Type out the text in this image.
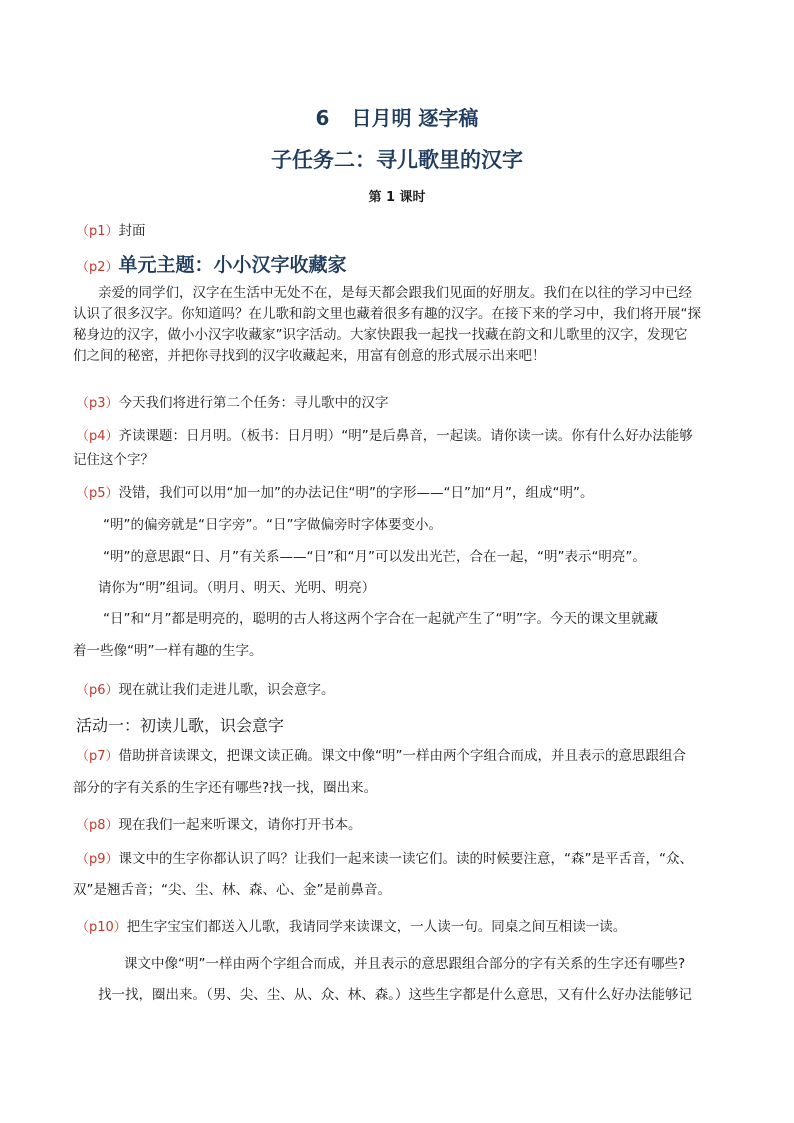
6 日月明 逐字稿
子任务二：寻儿歌里的汉字
第 1 课时
（p1）封面
（p2）单元主题：小小汉字收藏家
亲爱的同学们，汉字在生活中无处不在，是每天都会跟我们见面的好朋友。我们在以往的学习中已经
认识了很多汉字。你知道吗？在儿歌和韵文里也藏着很多有趣的汉字。在接下来的学习中，我们将开展“探
秘身边的汉字，做小小汉字收藏家”识字活动。大家快跟我一起找一找藏在韵文和儿歌里的汉字，发现它
们之间的秘密，并把你寻找到的汉字收藏起来，用富有创意的形式展示出来吧！
（p3）今天我们将进行第二个任务：寻儿歌中的汉字
（p4）齐读课题：日月明。（板书：日月明）“明”是后鼻音，一起读。请你读一读。你有什么好办法能够
记住这个字？
（p5）没错，我们可以用“加一加”的办法记住“明”的字形——“日”加“月”，组成“明”。
“明”的偏旁就是“日字旁”。“日”字做偏旁时字体要变小。
“明”的意思跟“日、月”有关系——“日”和“月”可以发出光芒，合在一起，“明”表示“明亮”。
请你为“明”组词。（明月、明天、光明、明亮）
“日”和“月”都是明亮的，聪明的古人将这两个字合在一起就产生了“明”字。今天的课文里就藏
着一些像“明”一样有趣的生字。
（p6）现在就让我们走进儿歌，识会意字。
活动一：初读儿歌，识会意字
（p7）借助拼音读课文，把课文读正确。课文中像“明”一样由两个字组合而成，并且表示的意思跟组合
部分的字有关系的生字还有哪些?找一找，圈出来。
（p8）现在我们一起来听课文，请你打开书本。
（p9）课文中的生字你都认识了吗？让我们一起来读一读它们。读的时候要注意，“森”是平舌音，“众、
双”是翘舌音；“尖、尘、林、森、心、金”是前鼻音。
（p10）把生字宝宝们都送入儿歌，我请同学来读课文，一人读一句。同桌之间互相读一读。
课文中像“明”一样由两个字组合而成，并且表示的意思跟组合部分的字有关系的生字还有哪些?
找一找，圈出来。（男、尖、尘、从、众、林、森。）这些生字都是什么意思，又有什么好办法能够记
